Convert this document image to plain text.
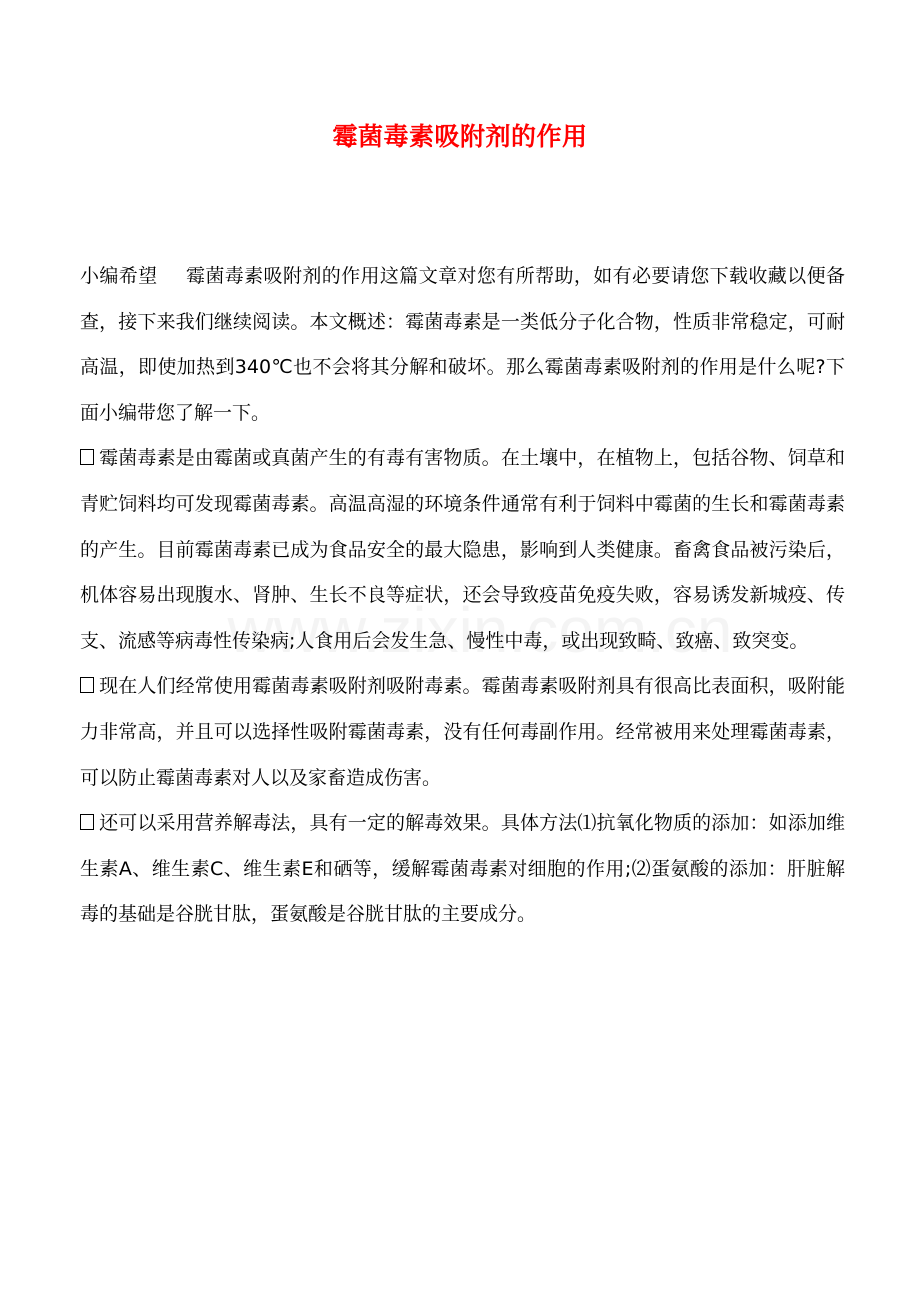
霉菌毒素吸附剂的作用

小编希望 霉菌毒素吸附剂的作用这篇文章对您有所帮助，如有必要请您下载收藏以便备查，接下来我们继续阅读。本文概述：霉菌毒素是一类低分子化合物，性质非常稳定，可耐高温，即使加热到340℃也不会将其分解和破坏。那么霉菌毒素吸附剂的作用是什么呢?下面小编带您了解一下。

霉菌毒素是由霉菌或真菌产生的有毒有害物质。在土壤中，在植物上，包括谷物、饲草和青贮饲料均可发现霉菌毒素。高温高湿的环境条件通常有利于饲料中霉菌的生长和霉菌毒素的产生。目前霉菌毒素已成为食品安全的最大隐患，影响到人类健康。畜禽食品被污染后，机体容易出现腹水、肾肿、生长不良等症状，还会导致疫苗免疫失败，容易诱发新城疫、传支、流感等病毒性传染病;人食用后会发生急、慢性中毒，或出现致畸、致癌、致突变。

现在人们经常使用霉菌毒素吸附剂吸附毒素。霉菌毒素吸附剂具有很高比表面积，吸附能力非常高，并且可以选择性吸附霉菌毒素，没有任何毒副作用。经常被用来处理霉菌毒素，可以防止霉菌毒素对人以及家畜造成伤害。

还可以采用营养解毒法，具有一定的解毒效果。具体方法⑴抗氧化物质的添加：如添加维生素A、维生素C、维生素E和硒等，缓解霉菌毒素对细胞的作用;⑵蛋氨酸的添加：肝脏解毒的基础是谷胱甘肽，蛋氨酸是谷胱甘肽的主要成分。
